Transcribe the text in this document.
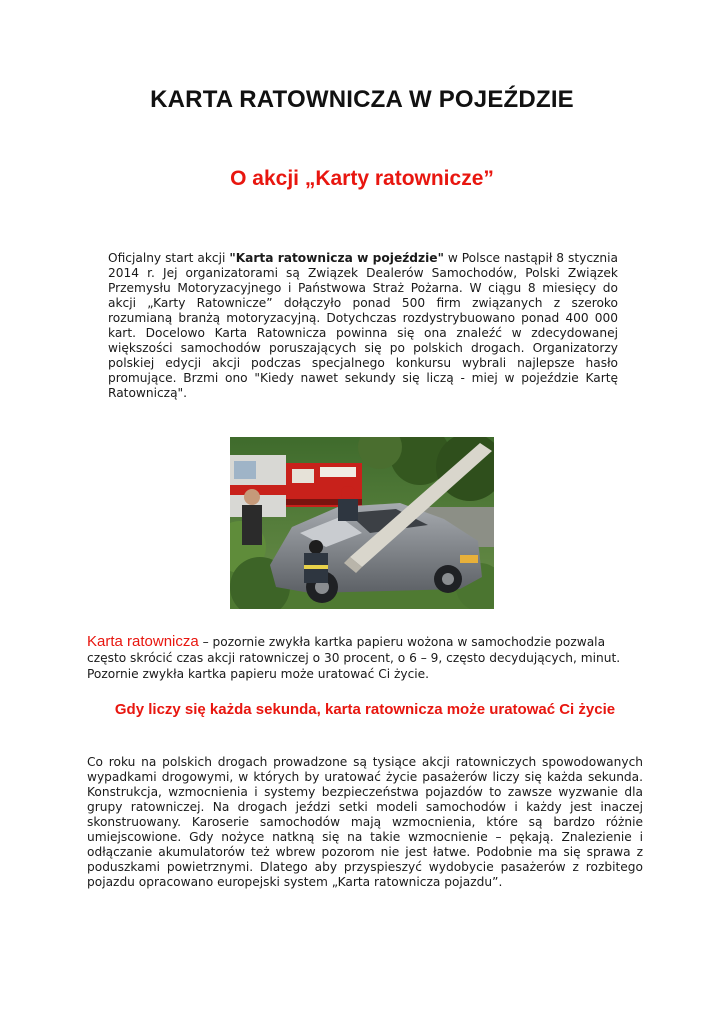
KARTA RATOWNICZA W POJEŹDZIE
O akcji „Karty ratownicze”
Oficjalny start akcji "Karta ratownicza w pojeździe" w Polsce nastąpił 8 stycznia 2014 r. Jej organizatorami są Związek Dealerów Samochodów, Polski Związek Przemysłu Motoryzacyjnego i Państwowa Straż Pożarna. W ciągu 8 miesięcy do akcji „Karty Ratownicze” dołączyło ponad 500 firm związanych z szeroko rozumianą branżą motoryzacyjną. Dotychczas rozdystrybuowano ponad 400 000 kart. Docelowo Karta Ratownicza powinna się ona znaleźć w zdecydowanej większości samochodów poruszających się po polskich drogach. Organizatorzy polskiej edycji akcji podczas specjalnego konkursu wybrali najlepsze hasło promujące. Brzmi ono "Kiedy nawet sekundy się liczą - miej w pojeździe Kartę Ratowniczą".
Karta ratownicza – pozornie zwykła kartka papieru wożona w samochodzie pozwala często skrócić czas akcji ratowniczej o 30 procent, o 6 – 9, często decydujących, minut. Pozornie zwykła kartka papieru może uratować Ci życie.
Gdy liczy się każda sekunda, karta ratownicza może uratować Ci życie
Co roku na polskich drogach prowadzone są tysiące akcji ratowniczych spowodowanych wypadkami drogowymi, w których by uratować życie pasażerów liczy się każda sekunda. Konstrukcja, wzmocnienia i systemy bezpieczeństwa pojazdów to zawsze wyzwanie dla grupy ratowniczej. Na drogach jeździ setki modeli samochodów i każdy jest inaczej skonstruowany. Karoserie samochodów mają wzmocnienia, które są bardzo różnie umiejscowione. Gdy nożyce natkną się na takie wzmocnienie – pękają. Znalezienie i odłączanie akumulatorów też wbrew pozorom nie jest łatwe. Podobnie ma się sprawa z poduszkami powietrznymi. Dlatego aby przyspieszyć wydobycie pasażerów z rozbitego pojazdu opracowano europejski system „Karta ratownicza pojazdu”.
